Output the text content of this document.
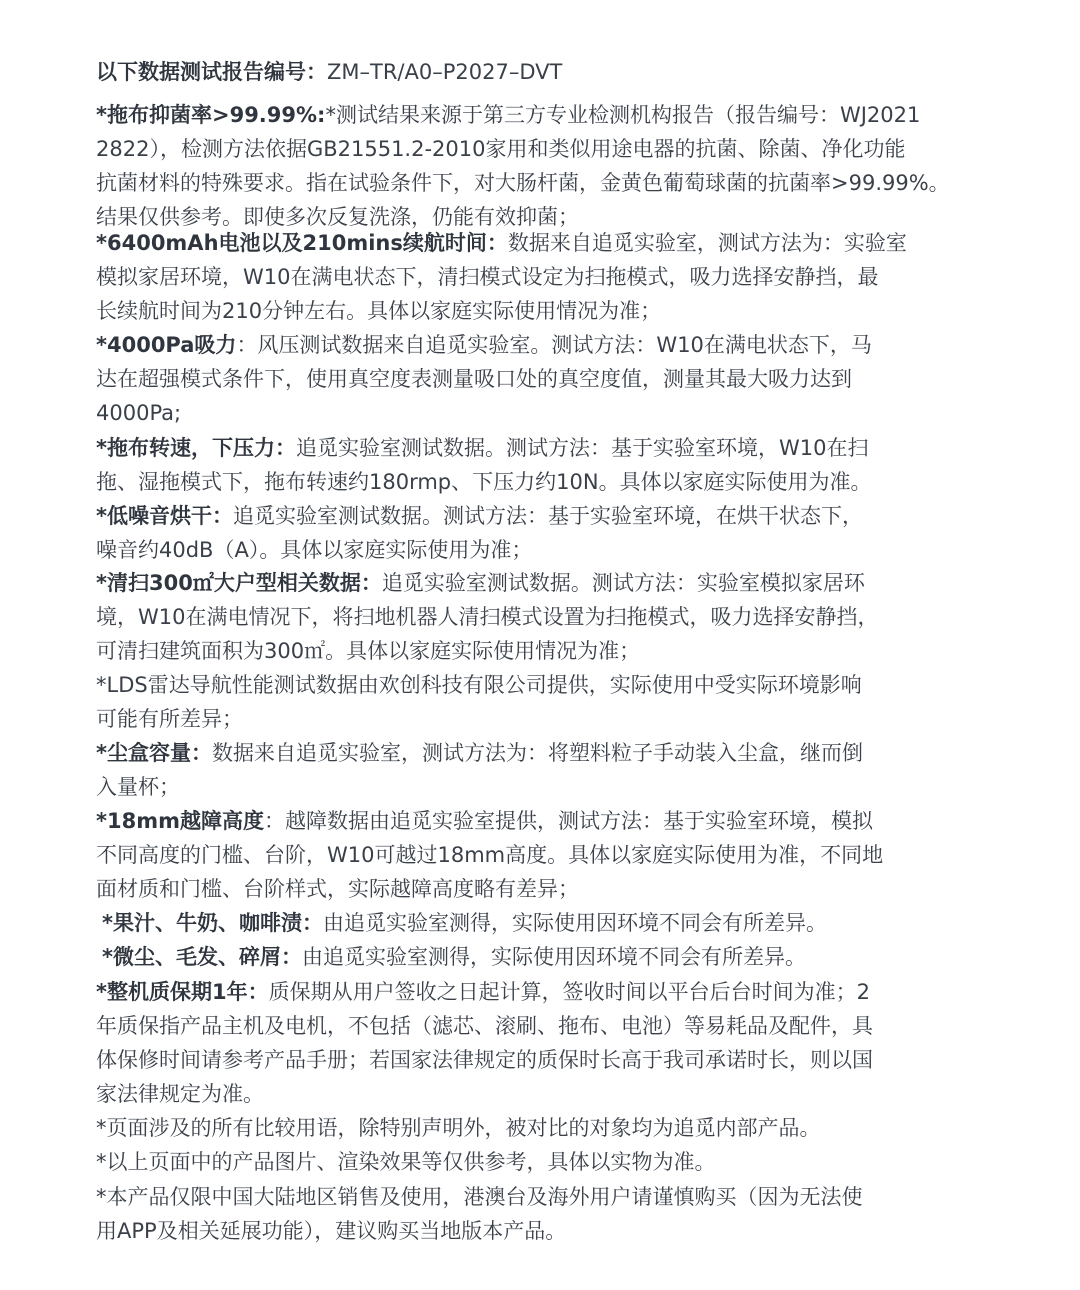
以下数据测试报告编号：ZM–TR/A0–P2027–DVT
*拖布抑菌率>99.99%:*测试结果来源于第三方专业检测机构报告（报告编号：WJ2021
2822），检测方法依据GB21551.2-2010家用和类似用途电器的抗菌、除菌、净化功能
抗菌材料的特殊要求。指在试验条件下，对大肠杆菌，金黄色葡萄球菌的抗菌率>99.99%。
结果仅供参考。即使多次反复洗涤，仍能有效抑菌；
*6400mAh电池以及210mins续航时间：数据来自追觅实验室，测试方法为：实验室
模拟家居环境，W10在满电状态下，清扫模式设定为扫拖模式，吸力选择安静挡，最
长续航时间为210分钟左右。具体以家庭实际使用情况为准；
*4000Pa吸力：风压测试数据来自追觅实验室。测试方法：W10在满电状态下，马
达在超强模式条件下，使用真空度表测量吸口处的真空度值，测量其最大吸力达到
4000Pa;
*拖布转速，下压力：追觅实验室测试数据。测试方法：基于实验室环境，W10在扫
拖、湿拖模式下，拖布转速约180rmp、下压力约10N。具体以家庭实际使用为准。
*低噪音烘干：追觅实验室测试数据。测试方法：基于实验室环境，在烘干状态下，
噪音约40dB（A）。具体以家庭实际使用为准；
*清扫300㎡大户型相关数据：追觅实验室测试数据。测试方法：实验室模拟家居环
境，W10在满电情况下，将扫地机器人清扫模式设置为扫拖模式，吸力选择安静挡，
可清扫建筑面积为300㎡。具体以家庭实际使用情况为准；
*LDS雷达导航性能测试数据由欢创科技有限公司提供，实际使用中受实际环境影响
可能有所差异；
*尘盒容量：数据来自追觅实验室，测试方法为：将塑料粒子手动装入尘盒，继而倒
入量杯；
*18mm越障高度：越障数据由追觅实验室提供，测试方法：基于实验室环境，模拟
不同高度的门槛、台阶，W10可越过18mm高度。具体以家庭实际使用为准，不同地
面材质和门槛、台阶样式，实际越障高度略有差异；
*果汁、牛奶、咖啡渍：由追觅实验室测得，实际使用因环境不同会有所差异。
*微尘、毛发、碎屑：由追觅实验室测得，实际使用因环境不同会有所差异。
*整机质保期1年：质保期从用户签收之日起计算，签收时间以平台后台时间为准；2
年质保指产品主机及电机，不包括（滤芯、滚刷、拖布、电池）等易耗品及配件，具
体保修时间请参考产品手册；若国家法律规定的质保时长高于我司承诺时长，则以国
家法律规定为准。
*页面涉及的所有比较用语，除特别声明外，被对比的对象均为追觅内部产品。
*以上页面中的产品图片、渲染效果等仅供参考，具体以实物为准。
*本产品仅限中国大陆地区销售及使用，港澳台及海外用户请谨慎购买（因为无法使
用APP及相关延展功能），建议购买当地版本产品。
